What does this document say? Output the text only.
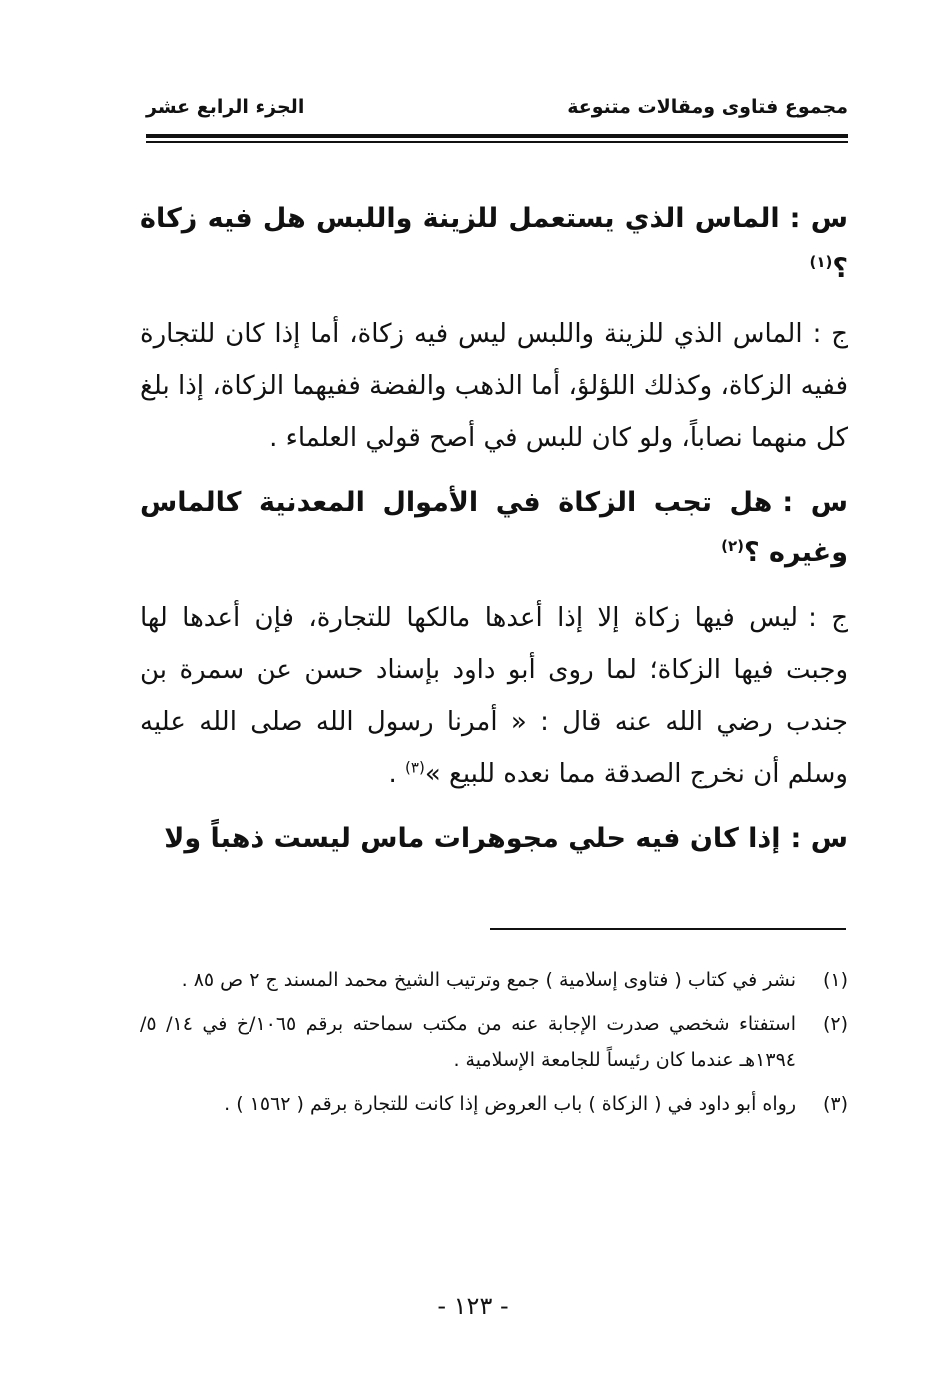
مجموع فتاوى ومقالات متنوعة
الجزء الرابع عشر

س :الماس الذي يستعمل للزينة واللبس هل فيه زكاة ؟$^{(١)}$

ج :الماس الذي للزينة واللبس ليس فيه زكاة، أما إذا كان للتجارة ففيه الزكاة، وكذلك اللؤلؤ، أما الذهب والفضة ففيهما الزكاة، إذا بلغ كل منهما نصاباً، ولو كان للبس في أصح قولي العلماء .

س :هل تجب الزكاة في الأموال المعدنية كالماس وغيره ؟$^{(٢)}$

ج :ليس فيها زكاة إلا إذا أعدها مالكها للتجارة، فإن أعدها لها وجبت فيها الزكاة؛ لما روى أبو داود بإسناد حسن عن سمرة بن جندب رضي الله عنه قال : « أمرنا رسول الله صلى الله عليه وسلم أن نخرج الصدقة مما نعده للبيع »$^{(٣)}$ .

س :إذا كان فيه حلي مجوهرات ماس ليست ذهباً ولا

(١)
نشر في كتاب ( فتاوى إسلامية ) جمع وترتيب الشيخ محمد المسند ج ٢ ص ٨٥ .
(٢)
استفتاء شخصي صدرت الإجابة عنه من مكتب سماحته برقم ١٠٦٥/خ في ١٤/ ٥/ ١٣٩٤هـ عندما كان رئيساً للجامعة الإسلامية .
(٣)
رواه أبو داود في ( الزكاة ) باب العروض إذا كانت للتجارة برقم ( ١٥٦٢ ) .
- ١٢٣ -
